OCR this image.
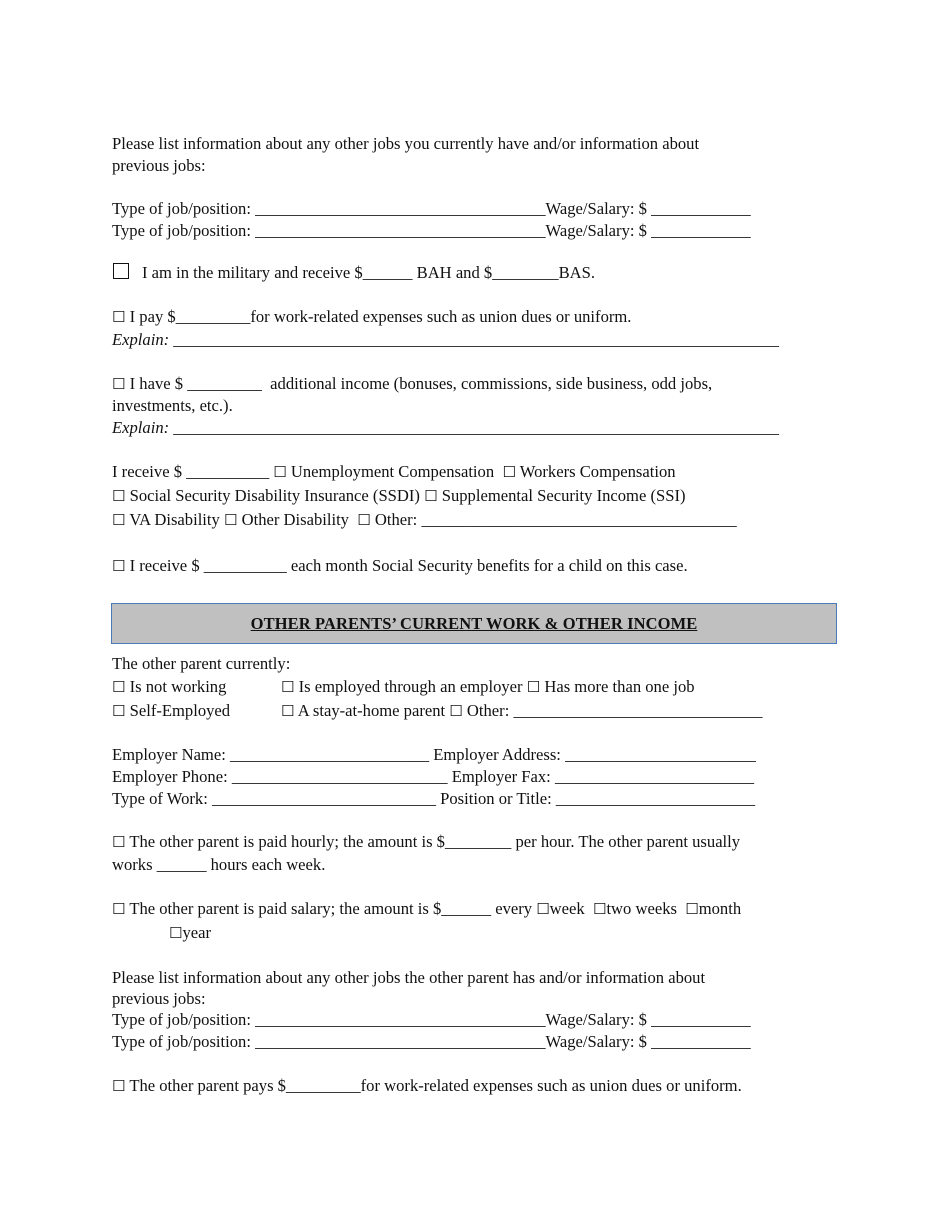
Please list information about any other jobs you currently have and/or information about
previous jobs:
Type of job/position: ___________________________________Wage/Salary: $ ____________
Type of job/position: ___________________________________Wage/Salary: $ ____________
I am in the military and receive $______ BAH and $________BAS.
☐ I pay $_________for work-related expenses such as union dues or uniform.
Explain: _________________________________________________________________________
☐ I have $ _________  additional income (bonuses, commissions, side business, odd jobs,
investments, etc.).
Explain: _________________________________________________________________________
I receive $ __________ ☐ Unemployment Compensation ☐ Workers Compensation
☐ Social Security Disability Insurance (SSDI) ☐ Supplemental Security Income (SSI)
☐ VA Disability ☐ Other Disability ☐ Other: ______________________________________
☐ I receive $ __________ each month Social Security benefits for a child on this case.
OTHER PARENTS’ CURRENT WORK & OTHER INCOME
The other parent currently:
☐ Is not working	☐ Is employed through an employer ☐ Has more than one job
☐ Self-Employed	☐ A stay-at-home parent ☐ Other: ______________________________
Employer Name: ________________________ Employer Address: _______________________
Employer Phone: __________________________ Employer Fax: ________________________
Type of Work: ___________________________ Position or Title: ________________________
☐ The other parent is paid hourly; the amount is $________ per hour. The other parent usually
works ______ hours each week.
☐ The other parent is paid salary; the amount is $______ every ☐week ☐two weeks ☐month
☐year
Please list information about any other jobs the other parent has and/or information about
previous jobs:
Type of job/position: ___________________________________Wage/Salary: $ ____________
Type of job/position: ___________________________________Wage/Salary: $ ____________
☐ The other parent pays $_________for work-related expenses such as union dues or uniform.
